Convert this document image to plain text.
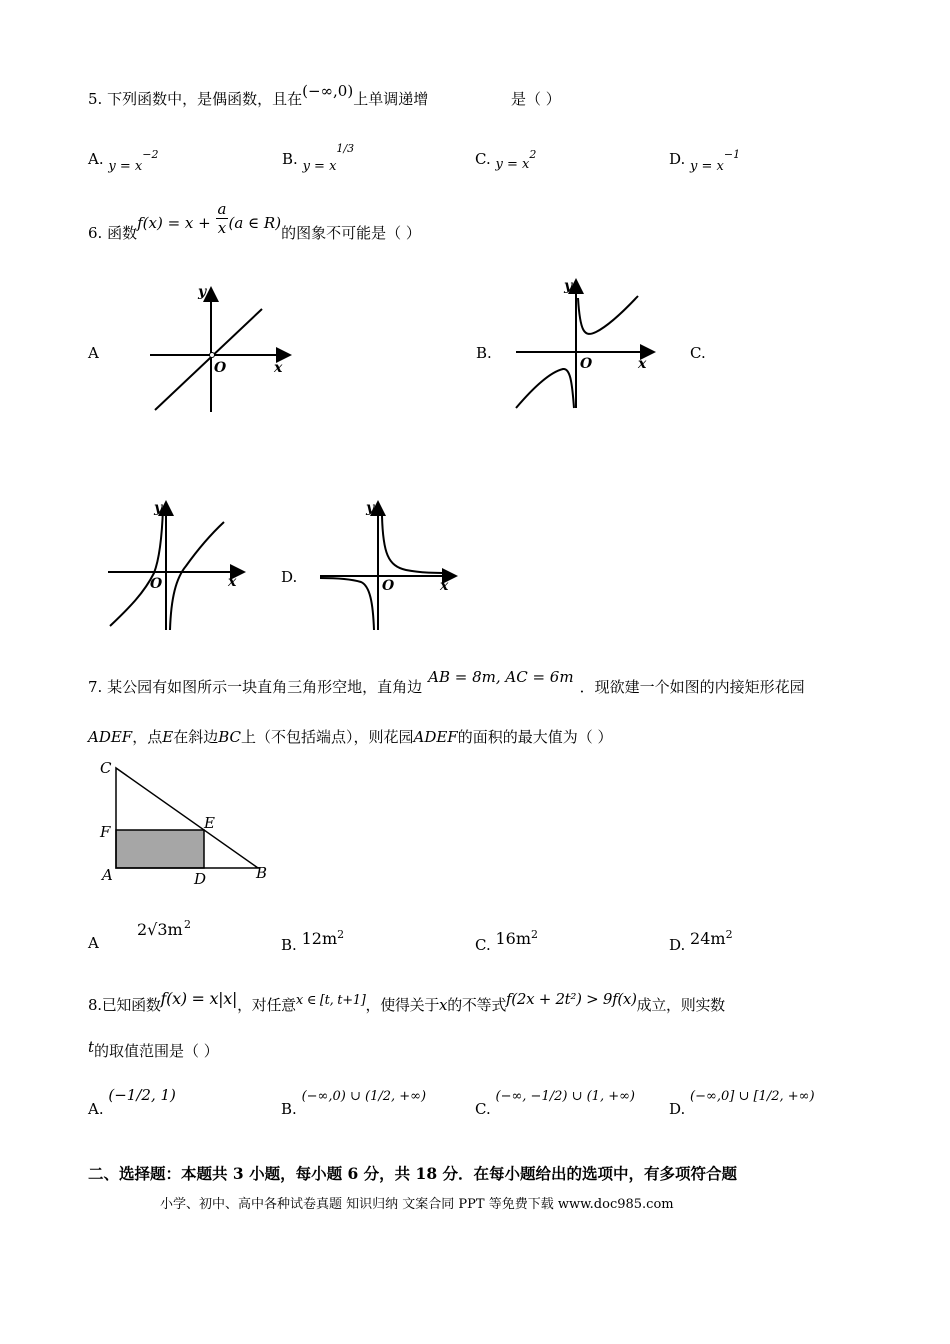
5. 下列函数中，是偶函数，且在(−∞,0)上单调递增	是（ ）
A. $y = x^{-2}$	B. $y = x^{1/3}$
C. $y = x^2$	D. $y = x^{-1}$
6. 函数$f(x) = x + \frac{a}{x} (a$ ∈ R)的图象不可能是（ ）
A	B.	C.
D.
y
x
O
y
x
O
y
x
O
y
x
O
7. 某公园有如图所示一块直角三角形空地，直角边AB = 8m, AC = 6m．现欲建一个如图的内接矩形花园
ADEF，点E在斜边BC上（不包括端点），则花园ADEF的面积的最大值为（ ）
C
F	E
A	D	B
A
2√3m 2
B. $12m^2$
C. $16m^2$
D. $24m^2$
8.已知函数f(x) = x|x|，对任意x ∈ [t, t+1]，使得关于x的不等式f(2x + 2t²) > 9f(x)成立，则实数
t的取值范围是（ ）
A. (−1/2, 1)
B. (−∞,0) ∪ (1/2, +∞)
C. (−∞, −1/2) ∪ (1, +∞)
D. (−∞,0] ∪ [1/2, +∞)
二、选择题：本题共 3 小题，每小题 6 分，共 18 分．在每小题给出的选项中，有多项符合题
小学、初中、高中各种试卷真题 知识归纳 文案合同 PPT 等免费下载 www.doc985.com
